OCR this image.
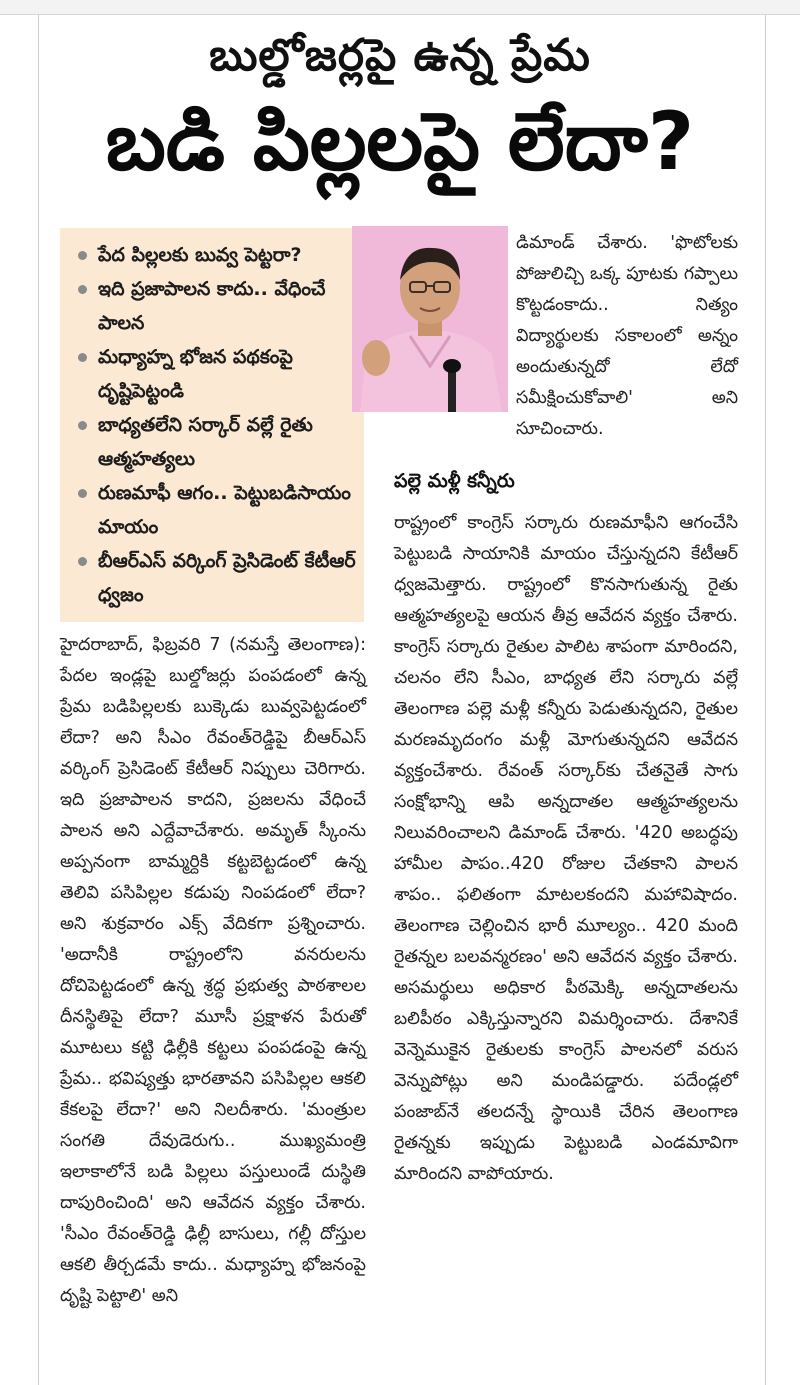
బుల్డోజర్లపై ఉన్న ప్రేమ
బడి పిల్లలపై లేదా?
పేద పిల్లలకు బువ్వ పెట్టరా?
ఇది ప్రజాపాలన కాదు.. వేధించే పాలన
మధ్యాహ్న భోజన పథకంపై దృష్టిపెట్టండి
బాధ్యతలేని సర్కార్ వల్లే రైతు ఆత్మహత్యలు
రుణమాఫీ ఆగం.. పెట్టుబడిసాయం మాయం
బీఆర్ఎస్ వర్కింగ్ ప్రెసిడెంట్ కేటీఆర్ ధ్వజం

డిమాండ్ చేశారు. 'ఫొటోలకు పోజులిచ్చి ఒక్క పూటకు గప్పాలు కొట్టడంకాదు.. నిత్యం విద్యార్థులకు సకాలంలో అన్నం అందుతున్నదో లేదో సమీక్షించుకోవాలి' అని సూచించారు.

పల్లె మళ్లీ కన్నీరు

రాష్ట్రంలో కాంగ్రెస్ సర్కారు రుణమాఫీని ఆగంచేసి పెట్టుబడి సాయానికి మాయం చేస్తున్నదని కేటీఆర్ ధ్వజమెత్తారు. రాష్ట్రంలో కొనసాగుతున్న రైతు ఆత్మహత్యలపై ఆయన తీవ్ర ఆవేదన వ్యక్తం చేశారు. కాంగ్రెస్ సర్కారు రైతుల పాలిట శాపంగా మారిందని, చలనం లేని సీఎం, బాధ్యత లేని సర్కారు వల్లే తెలంగాణ పల్లె మళ్లీ కన్నీరు పెడుతున్నదని, రైతుల మరణమృదంగం మళ్లీ మోగుతున్నదని ఆవేదన వ్యక్తంచేశారు. రేవంత్ సర్కార్‌కు చేతనైతే సాగు సంక్షోభాన్ని ఆపి అన్నదాతల ఆత్మహత్యలను నిలువరించాలని డిమాండ్ చేశారు. '420 అబద్ధపు హామీల పాపం..420 రోజుల చేతకాని పాలన శాపం.. ఫలితంగా మాటలకందని మహావిషాదం. తెలంగాణ చెల్లించిన భారీ మూల్యం.. 420 మంది రైతన్నల బలవన్మరణం' అని ఆవేదన వ్యక్తం చేశారు. అసమర్థులు అధికార పీఠమెక్కి అన్నదాతలను బలిపీఠం ఎక్కిస్తున్నారని విమర్శించారు. దేశానికే వెన్నెముకైన రైతులకు కాంగ్రెస్ పాలనలో వరుస వెన్నుపోట్లు అని మండిపడ్డారు. పదేండ్లలో పంజాబ్‌నే తలదన్నే స్థాయికి చేరిన తెలంగాణ రైతన్నకు ఇప్పుడు పెట్టుబడి ఎండమావిగా మారిందని వాపోయారు.

హైదరాబాద్, ఫిబ్రవరి 7 (నమస్తే తెలంగాణ): పేదల ఇండ్లపై బుల్డోజర్లు పంపడంలో ఉన్న ప్రేమ బడిపిల్లలకు బుక్కెడు బువ్వపెట్టడంలో లేదా? అని సీఎం రేవంత్‌రెడ్డిపై బీఆర్ఎస్ వర్కింగ్ ప్రెసిడెంట్ కేటీఆర్ నిప్పులు చెరిగారు. ఇది ప్రజాపాలన కాదని, ప్రజలను వేధించే పాలన అని ఎద్దేవాచేశారు. అమృత్ స్కీంను అప్పనంగా బామ్మర్దికి కట్టబెట్టడంలో ఉన్న తెలివి పసిపిల్లల కడుపు నింపడంలో లేదా? అని శుక్రవారం ఎక్స్ వేదికగా ప్రశ్నించారు. 'అదానీకి రాష్ట్రంలోని వనరులను దోచిపెట్టడంలో ఉన్న శ్రద్ధ ప్రభుత్వ పాఠశాలల దీనస్థితిపై లేదా? మూసీ ప్రక్షాళన పేరుతో మూటలు కట్టి ఢిల్లీకి కట్టలు పంపడంపై ఉన్న ప్రేమ.. భవిష్యత్తు భారతావని పసిపిల్లల ఆకలి కేకలపై లేదా?' అని నిలదీశారు. 'మంత్రుల సంగతి దేవుడెరుగు.. ముఖ్యమంత్రి ఇలాకాలోనే బడి పిల్లలు పస్తులుండే దుస్థితి దాపురించింది' అని ఆవేదన వ్యక్తం చేశారు. 'సీఎం రేవంత్‌రెడ్డి ఢిల్లీ బాసులు, గల్లీ దోస్తుల ఆకలి తీర్చడమే కాదు.. మధ్యాహ్న భోజనంపై దృష్టి పెట్టాలి' అని
